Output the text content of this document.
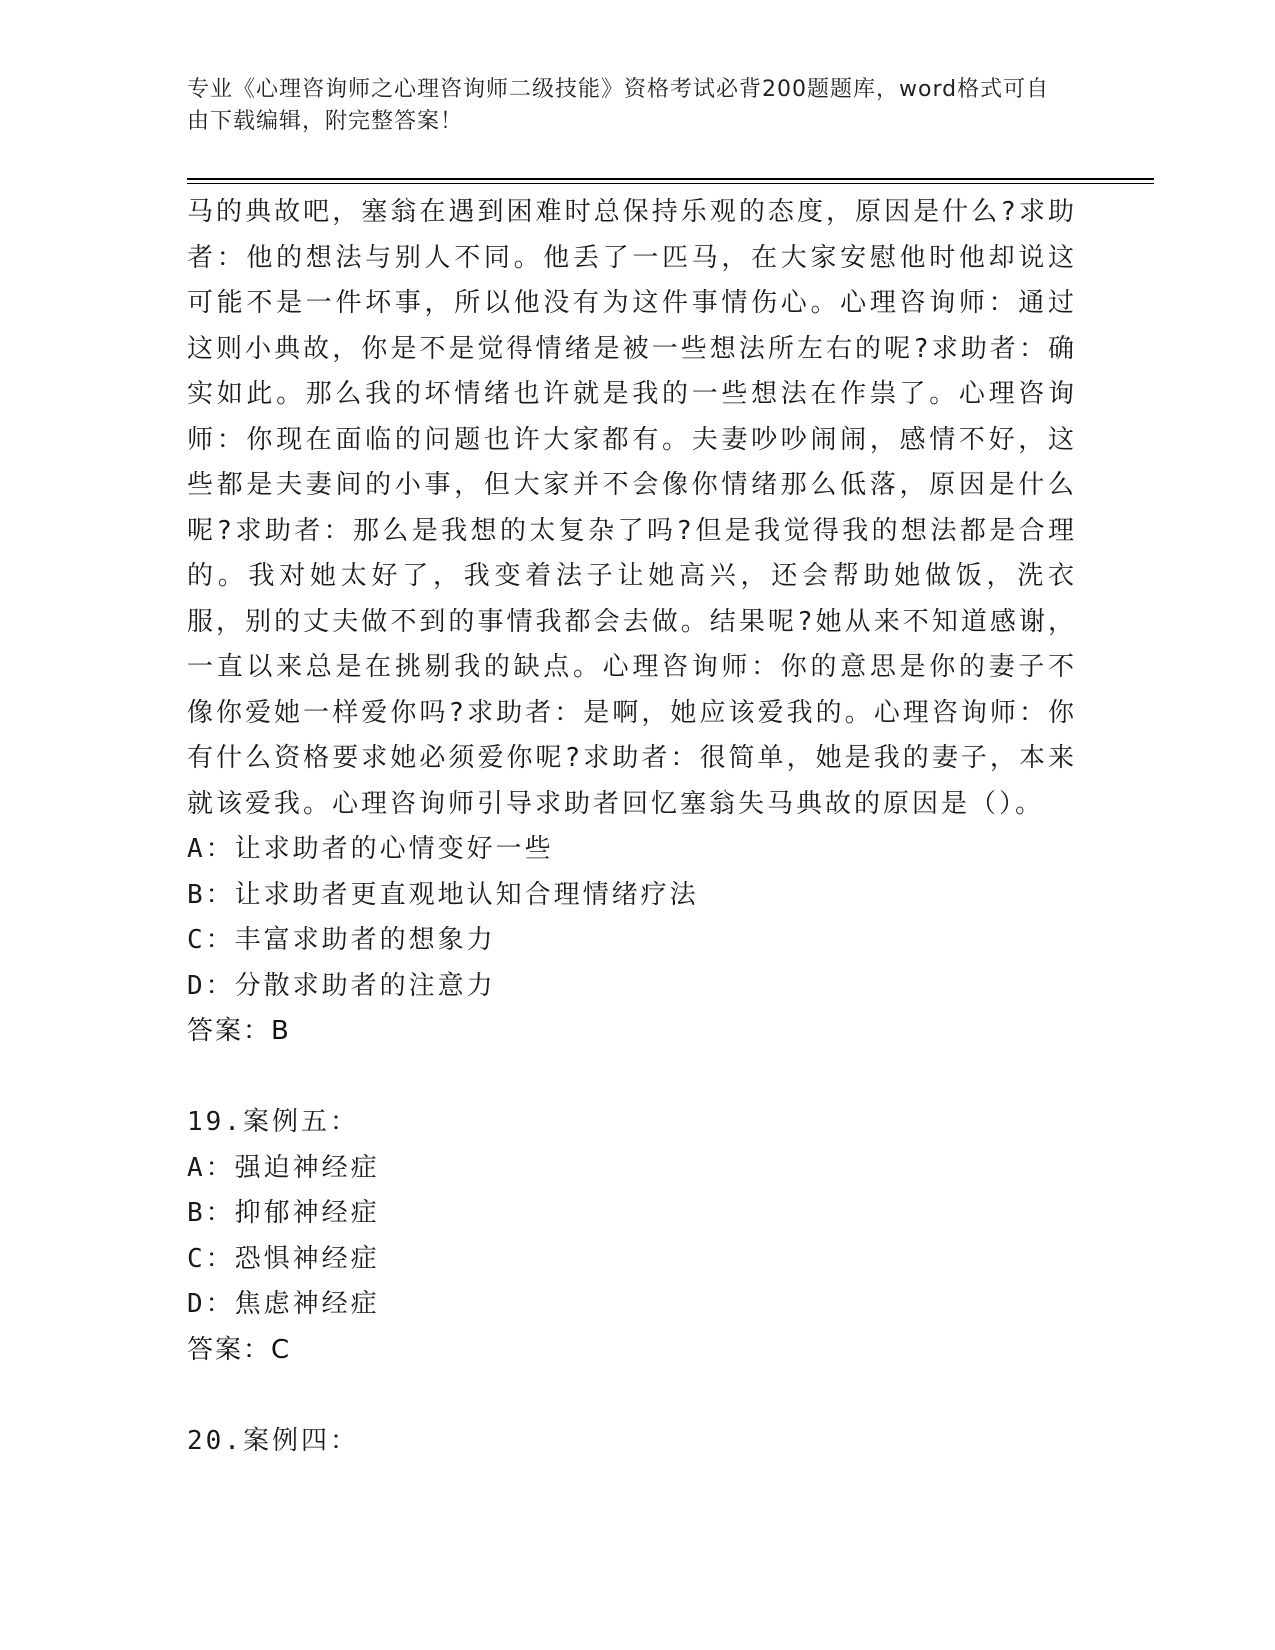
专业《心理咨询师之心理咨询师二级技能》资格考试必背200题题库，word格式可自由下载编辑，附完整答案！

马的典故吧，塞翁在遇到困难时总保持乐观的态度，原因是什么?求助者：他的想法与别人不同。他丢了一匹马，在大家安慰他时他却说这可能不是一件坏事，所以他没有为这件事情伤心。心理咨询师：通过这则小典故，你是不是觉得情绪是被一些想法所左右的呢?求助者：确实如此。那么我的坏情绪也许就是我的一些想法在作祟了。心理咨询师：你现在面临的问题也许大家都有。夫妻吵吵闹闹，感情不好，这些都是夫妻间的小事，但大家并不会像你情绪那么低落，原因是什么呢?求助者：那么是我想的太复杂了吗?但是我觉得我的想法都是合理的。我对她太好了，我变着法子让她高兴，还会帮助她做饭，洗衣服，别的丈夫做不到的事情我都会去做。结果呢?她从来不知道感谢，一直以来总是在挑剔我的缺点。心理咨询师：你的意思是你的妻子不像你爱她一样爱你吗?求助者：是啊，她应该爱我的。心理咨询师：你有什么资格要求她必须爱你呢?求助者：很简单，她是我的妻子，本来就该爱我。心理咨询师引导求助者回忆塞翁失马典故的原因是（）。

A：让求助者的心情变好一些
B：让求助者更直观地认知合理情绪疗法
C：丰富求助者的想象力
D：分散求助者的注意力
答案：B
19.案例五：
A：强迫神经症
B：抑郁神经症
C：恐惧神经症
D：焦虑神经症
答案：C
20.案例四：
